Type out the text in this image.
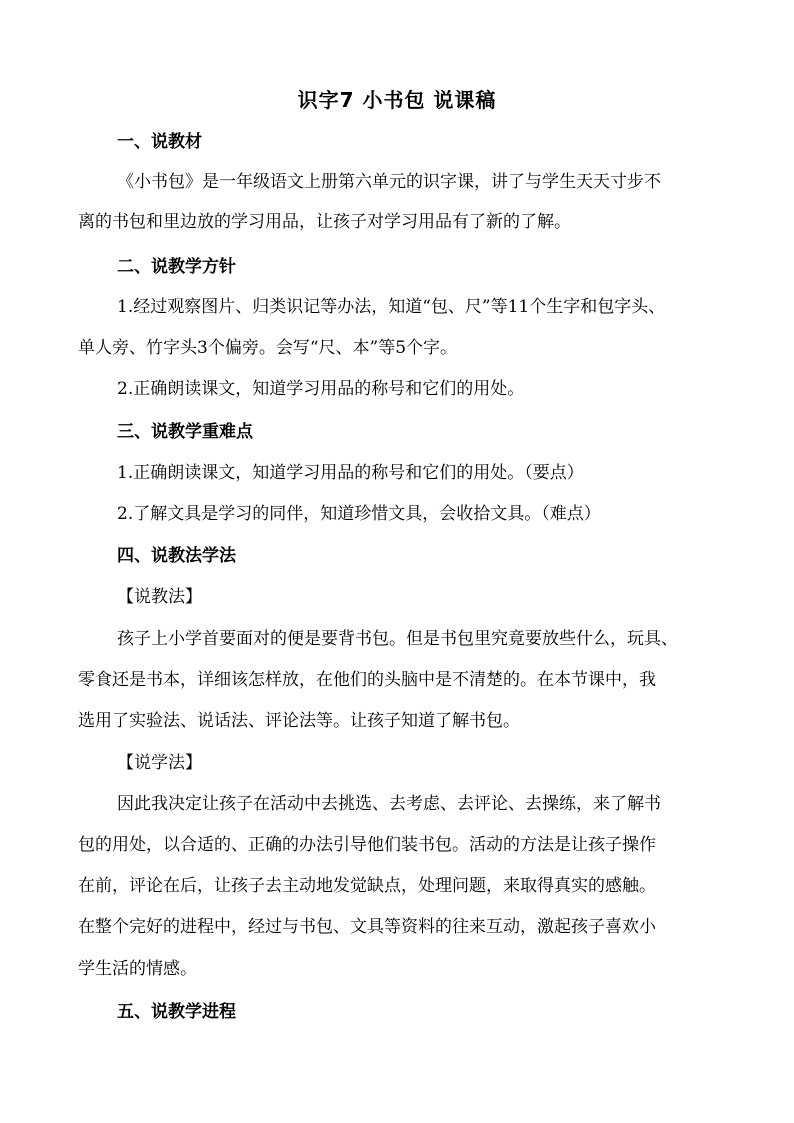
识字7 小书包 说课稿
一、说教材
《小书包》是一年级语文上册第六单元的识字课，讲了与学生天天寸步不
离的书包和里边放的学习用品，让孩子对学习用品有了新的了解。
二、说教学方针
1.经过观察图片、归类识记等办法，知道“包、尺”等11个生字和包字头、
单人旁、竹字头3个偏旁。会写“尺、本”等5个字。
2.正确朗读课文，知道学习用品的称号和它们的用处。
三、说教学重难点
1.正确朗读课文，知道学习用品的称号和它们的用处。（要点）
2.了解文具是学习的同伴，知道珍惜文具，会收拾文具。（难点）
四、说教法学法
【说教法】
孩子上小学首要面对的便是要背书包。但是书包里究竟要放些什么，玩具、
零食还是书本，详细该怎样放，在他们的头脑中是不清楚的。在本节课中，我
选用了实验法、说话法、评论法等。让孩子知道了解书包。
【说学法】
因此我决定让孩子在活动中去挑选、去考虑、去评论、去操练，来了解书
包的用处，以合适的、正确的办法引导他们装书包。活动的方法是让孩子操作
在前，评论在后，让孩子去主动地发觉缺点，处理问题，来取得真实的感触。
在整个完好的进程中，经过与书包、文具等资料的往来互动，激起孩子喜欢小
学生活的情感。
五、说教学进程
